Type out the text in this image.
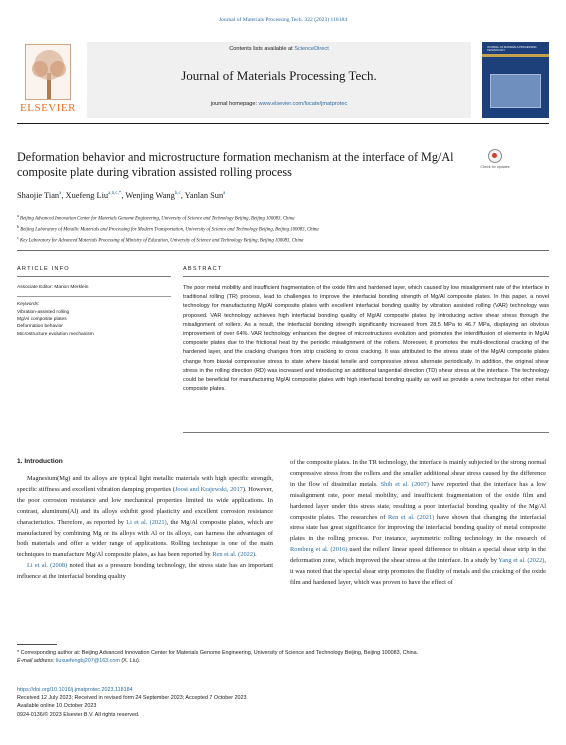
Journal of Materials Processing Tech. 322 (2023) 118184
ELSEVIER
Contents lists available at ScienceDirect
Journal of Materials Processing Tech.
journal homepage: www.elsevier.com/locate/jmatprotec
JOURNAL OF MATERIALS PROCESSING TECHNOLOGY
Deformation behavior and microstructure formation mechanism at the interface of Mg/Al composite plate during vibration assisted rolling process	Check for updates
Shaojie Tian$^a$, Xuefeng Liu$^{a,b,c,*}$, Wenjing Wang$^{b,c}$, Yanlan Sun$^a$
$^a$ Beijing Advanced Innovation Center for Materials Genome Engineering, University of Science and Technology Beijing, Beijing 100083, China
$^b$ Beijing Laboratory of Metallic Materials and Processing for Modern Transportation, University of Science and Technology Beijing, Beijing 100083, China
$^c$ Key Laboratory for Advanced Materials Processing of Ministry of Education, University of Science and Technology Beijing, Beijing 100083, China
ARTICLE INFO	ABSTRACT
Associate Editor: Marion Merklein
Keywords:
Vibration-assisted rolling
Mg/Al composite plates
Deformation behavior
Microstructure evolution mechanism
The poor metal mobility and insufficient fragmentation of the oxide film and hardened layer, which caused by low misalignment rate of the interface in traditional rolling (TR) process, lead to challenges to improve the interfacial bonding strength of Mg/Al composite plates. In this paper, a novel technology for manufacturing Mg/Al composite plates with excellent interfacial bonding quality by vibration assisted rolling (VAR) technology was proposed. VAR technology achieves high interfacial bonding quality of Mg/Al composite plates by introducing active shear stress through the misalignment of rollers. As a result, the interfacial bonding strength significantly increased from 28.5 MPa to 46.7 MPa, displaying an obvious improvement of over 64%. VAR technology enhances the degree of microstructures evolution and promotes the interdiffusion of elements in Mg/Al composite plates due to the frictional heat by the periodic misalignment of the rollers. Moreover, it promotes the multi-directional cracking of the hardened layer, and the cracking changes from strip cracking to cross cracking. It was attributed to the stress state of the Mg/Al composite plates change from biaxial compressive stress to state where biaxial tensile and compressive stress alternate periodically. In addition, the original shear stress in the rolling direction (RD) was increased and introducing an additional tangential direction (TD) shear stress at the interface. The technology could be beneficial for manufacturing Mg/Al composite plates with high interfacial bonding quality as well as provide a new technique for other metal composite plates.
1. Introduction

Magnesium(Mg) and its alloys are typical light metallic materials with high specific strength, specific stiffness and excellent vibration damping properties (Joost and Krajewski, 2017). However, the poor corrosion resistance and low mechanical properties limited its wide applications. In contrast, aluminum(Al) and its alloys exhibit good plasticity and excellent corrosion resistance characteristics. Therefore, as reported by Li et al. (2021), the Mg/Al composite plates, which are manufactured by combining Mg or its alloys with Al or its alloys, can harness the advantages of both materials and offer a wider range of applications. Rolling technique is one of the main techniques to manufacture Mg/Al composite plates, as has been reported by Ren et al. (2022).

Li et al. (2008) noted that as a pressure bonding technology, the stress state has an important influence at the interfacial bonding quality

of the composite plates. In the TR technology, the interface is mainly subjected to the strong normal compressive stress from the rollers and the smaller additional shear stress caused by the difference in the flow of dissimilar metals. Shih et al. (2007) have reported that the interface has a low misalignment rate, poor metal mobility, and insufficient fragmentation of the oxide film and hardened layer under this stress state, resulting a poor interfacial bonding quality of the Mg/Al composite plates. The researches of Ren et al. (2021) have shown that changing the interfacial stress state has great significance for improving the interfacial bonding quality of metal composite plates in the rolling process. For instance, asymmetric rolling technology in the research of Romberg et al. (2016) used the rollers' linear speed difference to obtain a special shear strip in the deformation zone, which improved the shear stress at the interface. In a study by Yang et al. (2022), it was noted that the special shear strip promotes the fluidity of metals and the cracking of the oxide film and hardened layer, which was proven to have the effect of

* Corresponding author at: Beijing Advanced Innovation Center for Materials Genome Engineering, University of Science and Technology Beijing, Beijing 100083, China.
E-mail address: liuxuefengbj207@163.com (X. Liu).
https://doi.org/10.1016/j.jmatprotec.2023.118184
Received 12 July 2023; Received in revised form 24 September 2023; Accepted 7 October 2023
Available online 10 October 2023
0924-0136/© 2023 Elsevier B.V. All rights reserved.
